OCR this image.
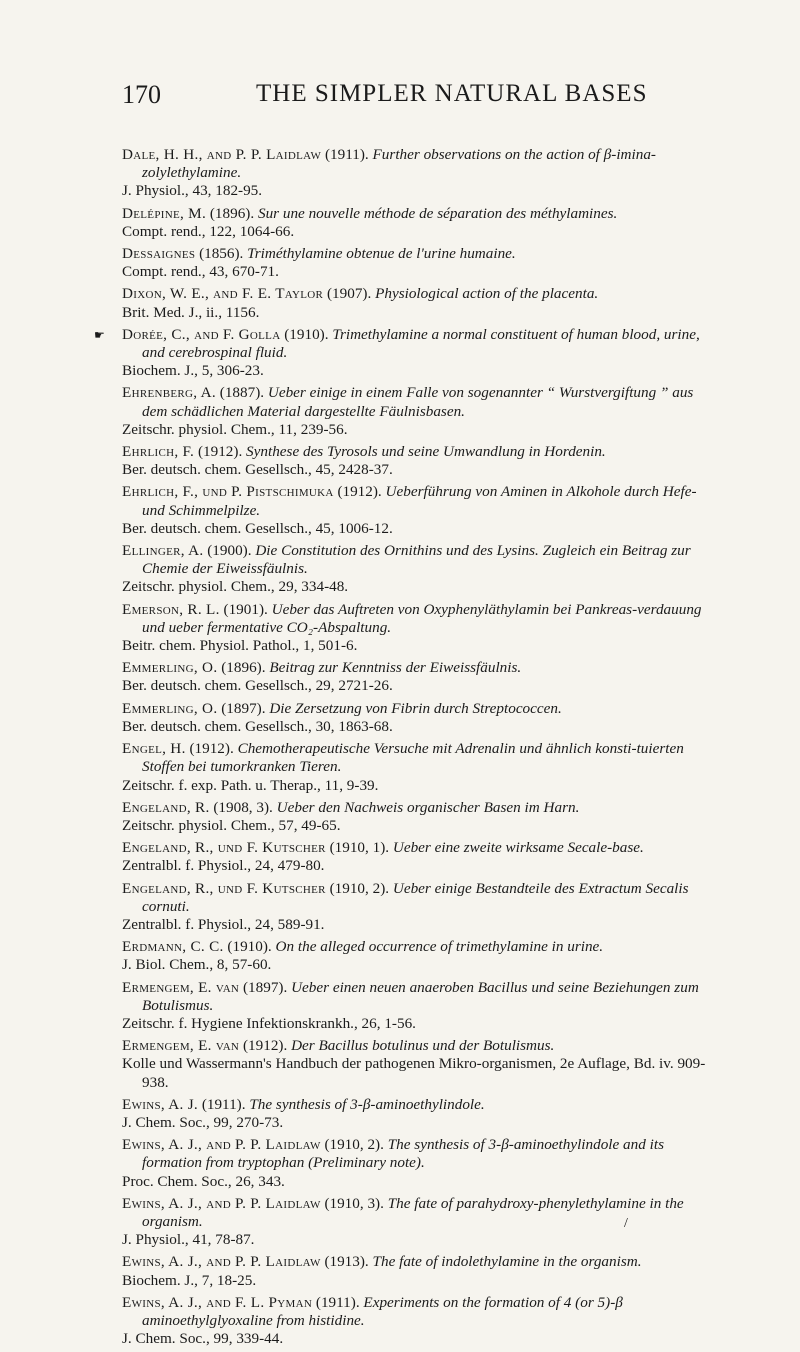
170	THE SIMPLER NATURAL BASES
Dale, H. H., and P. P. Laidlaw (1911). Further observations on the action of β-imina-zolylethylamine.
J. Physiol., 43, 182-95.
Delépine, M. (1896). Sur une nouvelle méthode de séparation des méthylamines.
Compt. rend., 122, 1064-66.
Dessaignes (1856). Triméthylamine obtenue de l'urine humaine.
Compt. rend., 43, 670-71.
Dixon, W. E., and F. E. Taylor (1907). Physiological action of the placenta.
Brit. Med. J., ii., 1156.
☛ Dorée, C., and F. Golla (1910). Trimethylamine a normal constituent of human blood, urine, and cerebrospinal fluid.
Biochem. J., 5, 306-23.
Ehrenberg, A. (1887). Ueber einige in einem Falle von sogenannter “ Wurstvergiftung ” aus dem schädlichen Material dargestellte Fäulnisbasen.
Zeitschr. physiol. Chem., 11, 239-56.
Ehrlich, F. (1912). Synthese des Tyrosols und seine Umwandlung in Hordenin.
Ber. deutsch. chem. Gesellsch., 45, 2428-37.
Ehrlich, F., und P. Pistschimuka (1912). Ueberführung von Aminen in Alkohole durch Hefe- und Schimmelpilze.
Ber. deutsch. chem. Gesellsch., 45, 1006-12.
Ellinger, A. (1900). Die Constitution des Ornithins und des Lysins. Zugleich ein Beitrag zur Chemie der Eiweissfäulnis.
Zeitschr. physiol. Chem., 29, 334-48.
Emerson, R. L. (1901). Ueber das Auftreten von Oxyphenyläthylamin bei Pankreas-verdauung und ueber fermentative CO₂-Abspaltung.
Beitr. chem. Physiol. Pathol., 1, 501-6.
Emmerling, O. (1896). Beitrag zur Kenntniss der Eiweissfäulnis.
Ber. deutsch. chem. Gesellsch., 29, 2721-26.
Emmerling, O. (1897). Die Zersetzung von Fibrin durch Streptococcen.
Ber. deutsch. chem. Gesellsch., 30, 1863-68.
Engel, H. (1912). Chemotherapeutische Versuche mit Adrenalin und ähnlich konsti-tuierten Stoffen bei tumorkranken Tieren.
Zeitschr. f. exp. Path. u. Therap., 11, 9-39.
Engeland, R. (1908, 3). Ueber den Nachweis organischer Basen im Harn.
Zeitschr. physiol. Chem., 57, 49-65.
Engeland, R., und F. Kutscher (1910, 1). Ueber eine zweite wirksame Secale-base.
Zentralbl. f. Physiol., 24, 479-80.
Engeland, R., und F. Kutscher (1910, 2). Ueber einige Bestandteile des Extractum Secalis cornuti.
Zentralbl. f. Physiol., 24, 589-91.
Erdmann, C. C. (1910). On the alleged occurrence of trimethylamine in urine.
J. Biol. Chem., 8, 57-60.
Ermengem, E. van (1897). Ueber einen neuen anaeroben Bacillus und seine Beziehungen zum Botulismus.
Zeitschr. f. Hygiene Infektionskrankh., 26, 1-56.
Ermengem, E. van (1912). Der Bacillus botulinus und der Botulismus.
Kolle und Wassermann's Handbuch der pathogenen Mikro-organismen, 2e Auflage, Bd. iv. 909-938.
Ewins, A. J. (1911). The synthesis of 3-β-aminoethylindole.
J. Chem. Soc., 99, 270-73.
Ewins, A. J., and P. P. Laidlaw (1910, 2). The synthesis of 3-β-aminoethylindole and its formation from tryptophan (Preliminary note).
Proc. Chem. Soc., 26, 343.
Ewins, A. J., and P. P. Laidlaw (1910, 3). The fate of parahydroxy-phenylethylamine in the organism.
J. Physiol., 41, 78-87.
/
Ewins, A. J., and P. P. Laidlaw (1913). The fate of indolethylamine in the organism.
Biochem. J., 7, 18-25.
Ewins, A. J., and F. L. Pyman (1911). Experiments on the formation of 4 (or 5)-β aminoethylglyoxaline from histidine.
J. Chem. Soc., 99, 339-44.
